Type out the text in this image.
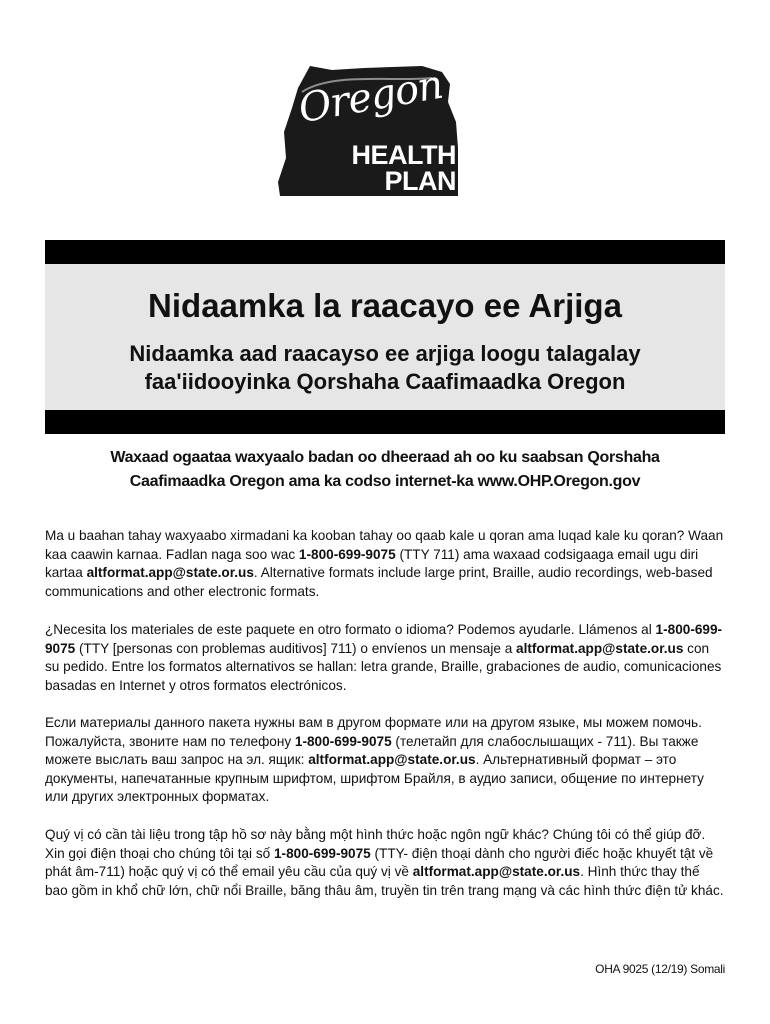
Oregon
HEALTH
PLAN
Nidaamka la raacayo ee Arjiga
Nidaamka aad raacayso ee arjiga loogu talagalay
faa'iidooyinka Qorshaha Caafimaadka Oregon
Waxaad ogaataa waxyaalo badan oo dheeraad ah oo ku saabsan Qorshaha
Caafimaadka Oregon ama ka codso internet-ka www.OHP.Oregon.gov
Ma u baahan tahay waxyaabo xirmadani ka kooban tahay oo qaab kale u qoran ama luqad kale ku qoran? Waan kaa caawin karnaa. Fadlan naga soo wac 1-800-699-9075 (TTY 711) ama waxaad codsigaaga email ugu diri kartaa altformat.app@state.or.us. Alternative formats include large print, Braille, audio recordings, web-based communications and other electronic formats.
¿Necesita los materiales de este paquete en otro formato o idioma? Podemos ayudarle. Llámenos al 1-800-699-9075 (TTY [personas con problemas auditivos] 711) o envíenos un mensaje a altformat.app@state.or.us con su pedido. Entre los formatos alternativos se hallan: letra grande, Braille, grabaciones de audio, comunicaciones basadas en Internet y otros formatos electrónicos.
Если материалы данного пакета нужны вам в другом формате или на другом языке, мы можем помочь. Пожалуйста, звоните нам по телефону 1-800-699-9075 (телетайп для слабослышащих - 711). Вы также можете выслать ваш запрос на эл. ящик: altformat.app@state.or.us. Альтернативный формат – это документы, напечатанные крупным шрифтом, шрифтом Брайля, в аудио записи, общение по интернету или других электронных форматах.
Quý vị có cần tài liệu trong tập hồ sơ này bằng một hình thức hoặc ngôn ngữ khác? Chúng tôi có thể giúp đỡ. Xin gọi điện thoại cho chúng tôi tại số 1-800-699-9075 (TTY- điện thoại dành cho người điếc hoặc khuyết tật về phát âm-711) hoặc quý vị có thể email yêu cầu của quý vị về altformat.app@state.or.us. Hình thức thay thế bao gồm in khổ chữ lớn, chữ nổi Braille, băng thâu âm, truyền tin trên trang mạng và các hình thức điện tử khác.
OHA 9025 (12/19) Somali
